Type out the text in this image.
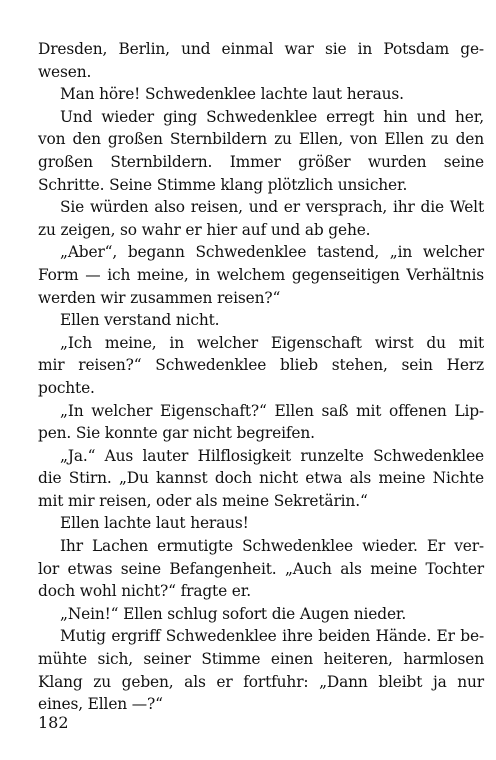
Dresden, Berlin, und einmal war sie in Potsdam ge-
wesen.
Man höre! Schwedenklee lachte laut heraus.
Und wieder ging Schwedenklee erregt hin und her,
von den großen Sternbildern zu Ellen, von Ellen zu den
großen Sternbildern. Immer größer wurden seine
Schritte. Seine Stimme klang plötzlich unsicher.
Sie würden also reisen, und er versprach, ihr die Welt
zu zeigen, so wahr er hier auf und ab gehe.
„Aber“, begann Schwedenklee tastend, „in welcher
Form — ich meine, in welchem gegenseitigen Verhältnis
werden wir zusammen reisen?“
Ellen verstand nicht.
„Ich meine, in welcher Eigenschaft wirst du mit
mir reisen?“ Schwedenklee blieb stehen, sein Herz
pochte.
„In welcher Eigenschaft?“ Ellen saß mit offenen Lip-
pen. Sie konnte gar nicht begreifen.
„Ja.“ Aus lauter Hilflosigkeit runzelte Schwedenklee
die Stirn. „Du kannst doch nicht etwa als meine Nichte
mit mir reisen, oder als meine Sekretärin.“
Ellen lachte laut heraus!
Ihr Lachen ermutigte Schwedenklee wieder. Er ver-
lor etwas seine Befangenheit. „Auch als meine Tochter
doch wohl nicht?“ fragte er.
„Nein!“ Ellen schlug sofort die Augen nieder.
Mutig ergriff Schwedenklee ihre beiden Hände. Er be-
mühte sich, seiner Stimme einen heiteren, harmlosen
Klang zu geben, als er fortfuhr: „Dann bleibt ja nur
eines, Ellen —?“
182
